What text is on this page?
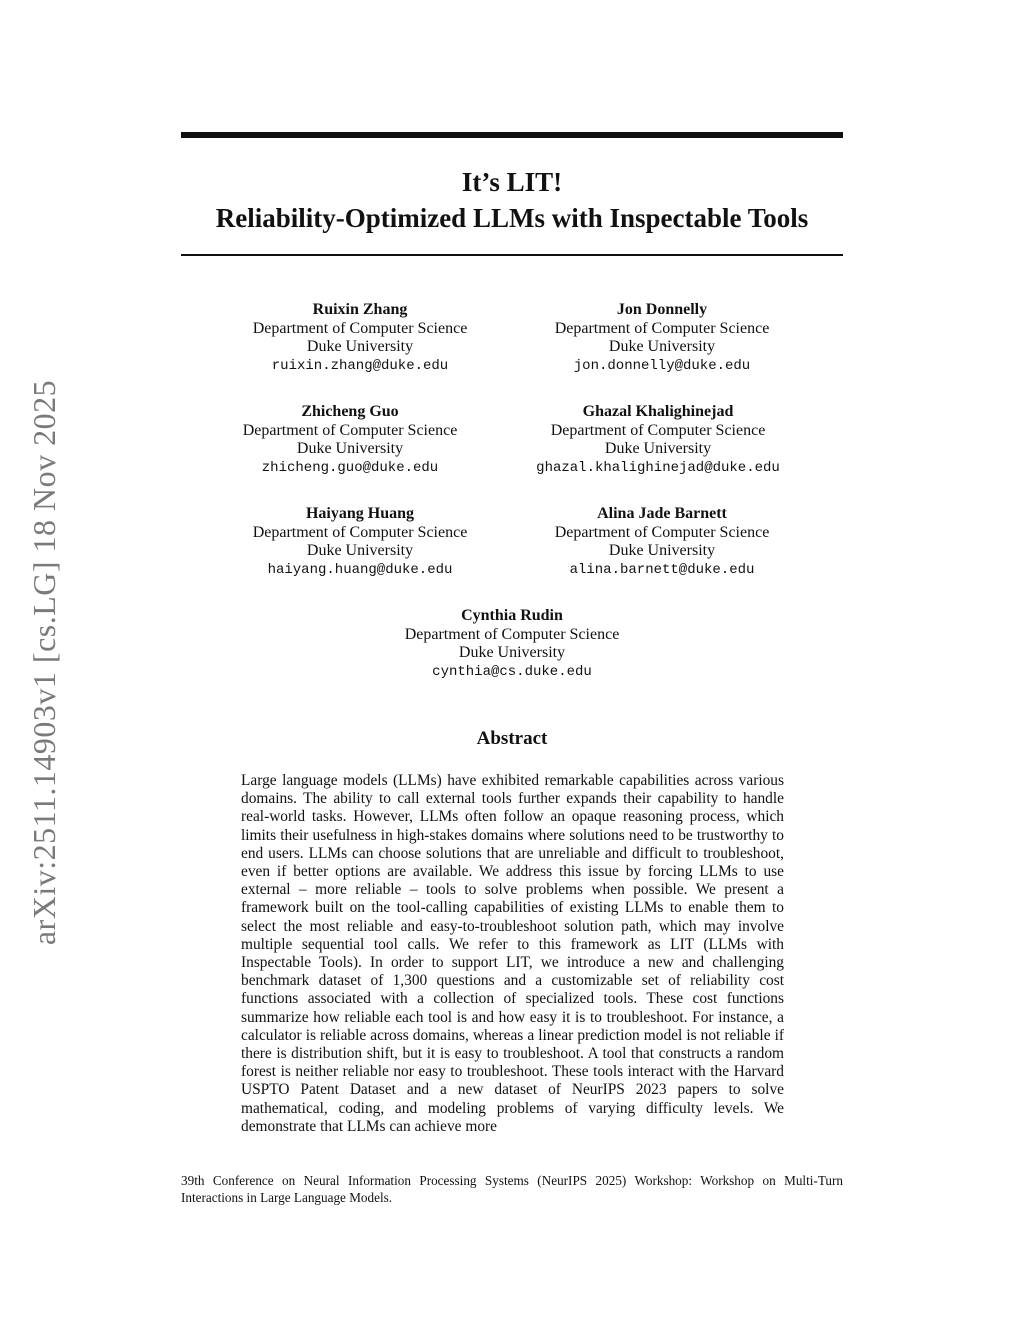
arXiv:2511.14903v1 [cs.LG] 18 Nov 2025
It’s LIT!
Reliability-Optimized LLMs with Inspectable Tools
Ruixin Zhang
Department of Computer Science
Duke University
ruixin.zhang@duke.edu
Jon Donnelly
Department of Computer Science
Duke University
jon.donnelly@duke.edu
Zhicheng Guo
Department of Computer Science
Duke University
zhicheng.guo@duke.edu
Ghazal Khalighinejad
Department of Computer Science
Duke University
ghazal.khalighinejad@duke.edu
Haiyang Huang
Department of Computer Science
Duke University
haiyang.huang@duke.edu
Alina Jade Barnett
Department of Computer Science
Duke University
alina.barnett@duke.edu
Cynthia Rudin
Department of Computer Science
Duke University
cynthia@cs.duke.edu
Abstract
Large language models (LLMs) have exhibited remarkable capabilities across various domains. The ability to call external tools further expands their capability to handle real-world tasks. However, LLMs often follow an opaque reasoning process, which limits their usefulness in high-stakes domains where solutions need to be trustworthy to end users. LLMs can choose solutions that are unreliable and difficult to troubleshoot, even if better options are available. We address this issue by forcing LLMs to use external – more reliable – tools to solve problems when possible. We present a framework built on the tool-calling capabilities of existing LLMs to enable them to select the most reliable and easy-to-troubleshoot solution path, which may involve multiple sequential tool calls. We refer to this framework as LIT (LLMs with Inspectable Tools). In order to support LIT, we introduce a new and challenging benchmark dataset of 1,300 questions and a customizable set of reliability cost functions associated with a collection of specialized tools. These cost functions summarize how reliable each tool is and how easy it is to troubleshoot. For instance, a calculator is reliable across domains, whereas a linear prediction model is not reliable if there is distribution shift, but it is easy to troubleshoot. A tool that constructs a random forest is neither reliable nor easy to troubleshoot. These tools interact with the Harvard USPTO Patent Dataset and a new dataset of NeurIPS 2023 papers to solve mathematical, coding, and modeling problems of varying difficulty levels. We demonstrate that LLMs can achieve more
39th Conference on Neural Information Processing Systems (NeurIPS 2025) Workshop: Workshop on Multi-Turn Interactions in Large Language Models.
